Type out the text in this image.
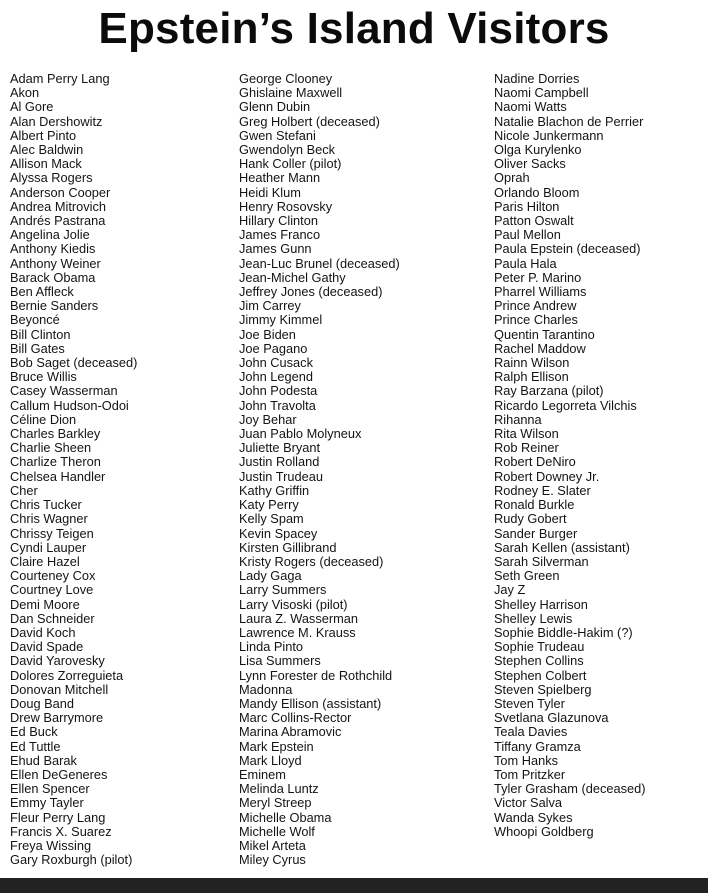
Epstein’s Island Visitors
Adam Perry Lang
Akon
Al Gore
Alan Dershowitz
Albert Pinto
Alec Baldwin
Allison Mack
Alyssa Rogers
Anderson Cooper
Andrea Mitrovich
Andrés Pastrana
Angelina Jolie
Anthony Kiedis
Anthony Weiner
Barack Obama
Ben Affleck
Bernie Sanders
Beyoncé
Bill Clinton
Bill Gates
Bob Saget (deceased)
Bruce Willis
Casey Wasserman
Callum Hudson-Odoi
Céline Dion
Charles Barkley
Charlie Sheen
Charlize Theron
Chelsea Handler
Cher
Chris Tucker
Chris Wagner
Chrissy Teigen
Cyndi Lauper
Claire Hazel
Courteney Cox
Courtney Love
Demi Moore
Dan Schneider
David Koch
David Spade
David Yarovesky
Dolores Zorreguieta
Donovan Mitchell
Doug Band
Drew Barrymore
Ed Buck
Ed Tuttle
Ehud Barak
Ellen DeGeneres
Ellen Spencer
Emmy Tayler
Fleur Perry Lang
Francis X. Suarez
Freya Wissing
Gary Roxburgh (pilot)
George Clooney
Ghislaine Maxwell
Glenn Dubin
Greg Holbert (deceased)
Gwen Stefani
Gwendolyn Beck
Hank Coller (pilot)
Heather Mann
Heidi Klum
Henry Rosovsky
Hillary Clinton
James Franco
James Gunn
Jean-Luc Brunel (deceased)
Jean-Michel Gathy
Jeffrey Jones (deceased)
Jim Carrey
Jimmy Kimmel
Joe Biden
Joe Pagano
John Cusack
John Legend
John Podesta
John Travolta
Joy Behar
Juan Pablo Molyneux
Juliette Bryant
Justin Rolland
Justin Trudeau
Kathy Griffin
Katy Perry
Kelly Spam
Kevin Spacey
Kirsten Gillibrand
Kristy Rogers (deceased)
Lady Gaga
Larry Summers
Larry Visoski (pilot)
Laura Z. Wasserman
Lawrence M. Krauss
Linda Pinto
Lisa Summers
Lynn Forester de Rothchild
Madonna
Mandy Ellison (assistant)
Marc Collins-Rector
Marina Abramovic
Mark Epstein
Mark Lloyd
Eminem
Melinda Luntz
Meryl Streep
Michelle Obama
Michelle Wolf
Mikel Arteta
Miley Cyrus
Nadine Dorries
Naomi Campbell
Naomi Watts
Natalie Blachon de Perrier
Nicole Junkermann
Olga Kurylenko
Oliver Sacks
Oprah
Orlando Bloom
Paris Hilton
Patton Oswalt
Paul Mellon
Paula Epstein (deceased)
Paula Hala
Peter P. Marino
Pharrel Williams
Prince Andrew
Prince Charles
Quentin Tarantino
Rachel Maddow
Rainn Wilson
Ralph Ellison
Ray Barzana (pilot)
Ricardo Legorreta Vilchis
Rihanna
Rita Wilson
Rob Reiner
Robert DeNiro
Robert Downey Jr.
Rodney E. Slater
Ronald Burkle
Rudy Gobert
Sander Burger
Sarah Kellen (assistant)
Sarah Silverman
Seth Green
Jay Z
Shelley Harrison
Shelley Lewis
Sophie Biddle-Hakim (?)
Sophie Trudeau
Stephen Collins
Stephen Colbert
Steven Spielberg
Steven Tyler
Svetlana Glazunova
Teala Davies
Tiffany Gramza
Tom Hanks
Tom Pritzker
Tyler Grasham (deceased)
Victor Salva
Wanda Sykes
Whoopi Goldberg
